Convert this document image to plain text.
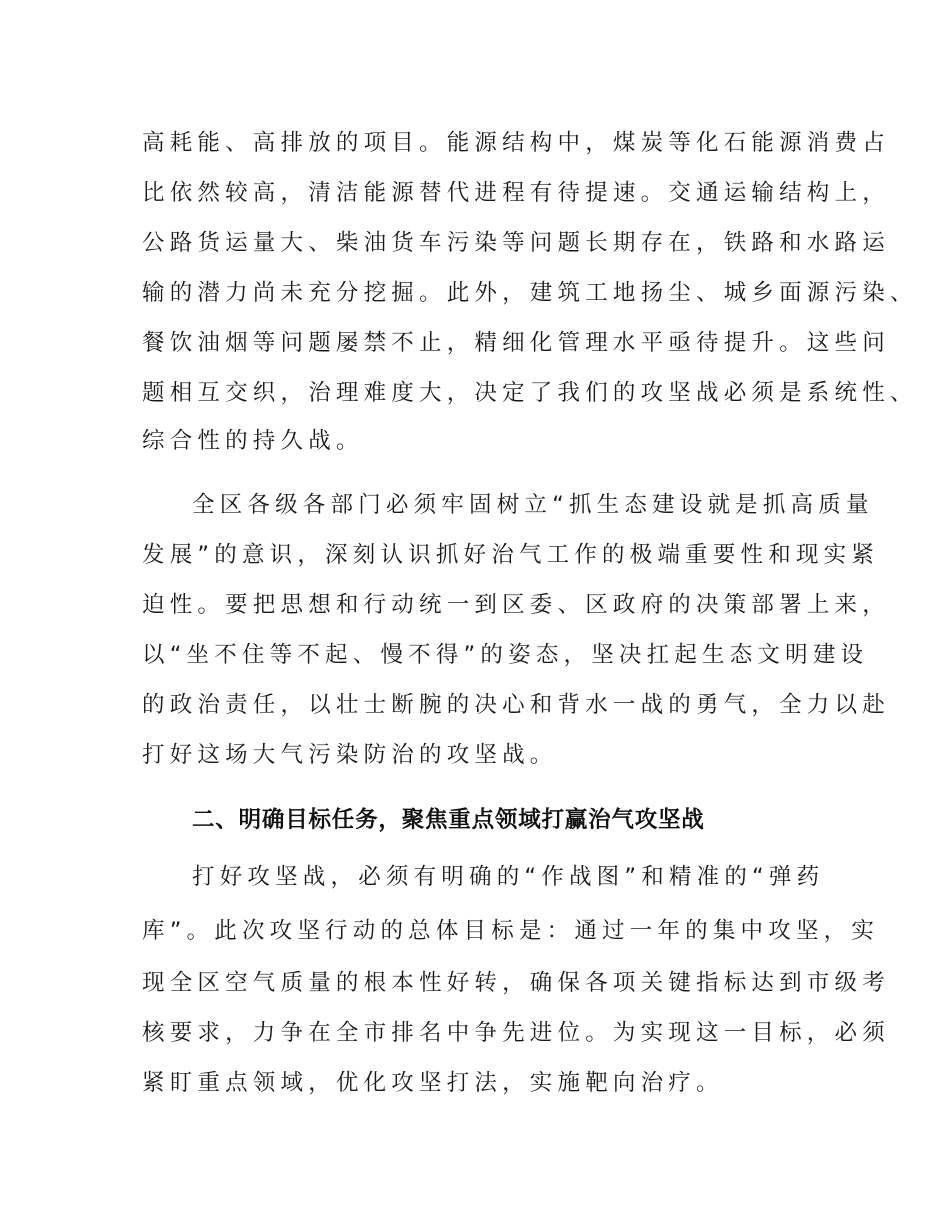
高耗能、高排放的项目。能源结构中，煤炭等化石能源消费占
比依然较高，清洁能源替代进程有待提速。交通运输结构上，
公路货运量大、柴油货车污染等问题长期存在，铁路和水路运
输的潜力尚未充分挖掘。此外，建筑工地扬尘、城乡面源污染、
餐饮油烟等问题屡禁不止，精细化管理水平亟待提升。这些问
题相互交织，治理难度大，决定了我们的攻坚战必须是系统性、
综合性的持久战。
全区各级各部门必须牢固树立“抓生态建设就是抓高质量
发展”的意识，深刻认识抓好治气工作的极端重要性和现实紧
迫性。要把思想和行动统一到区委、区政府的决策部署上来，
以“坐不住等不起、慢不得”的姿态，坚决扛起生态文明建设
的政治责任，以壮士断腕的决心和背水一战的勇气，全力以赴
打好这场大气污染防治的攻坚战。
二、明确目标任务，聚焦重点领域打赢治气攻坚战
打好攻坚战，必须有明确的“作战图”和精准的“弹药
库”。此次攻坚行动的总体目标是：通过一年的集中攻坚，实
现全区空气质量的根本性好转，确保各项关键指标达到市级考
核要求，力争在全市排名中争先进位。为实现这一目标，必须
紧盯重点领域，优化攻坚打法，实施靶向治疗。
